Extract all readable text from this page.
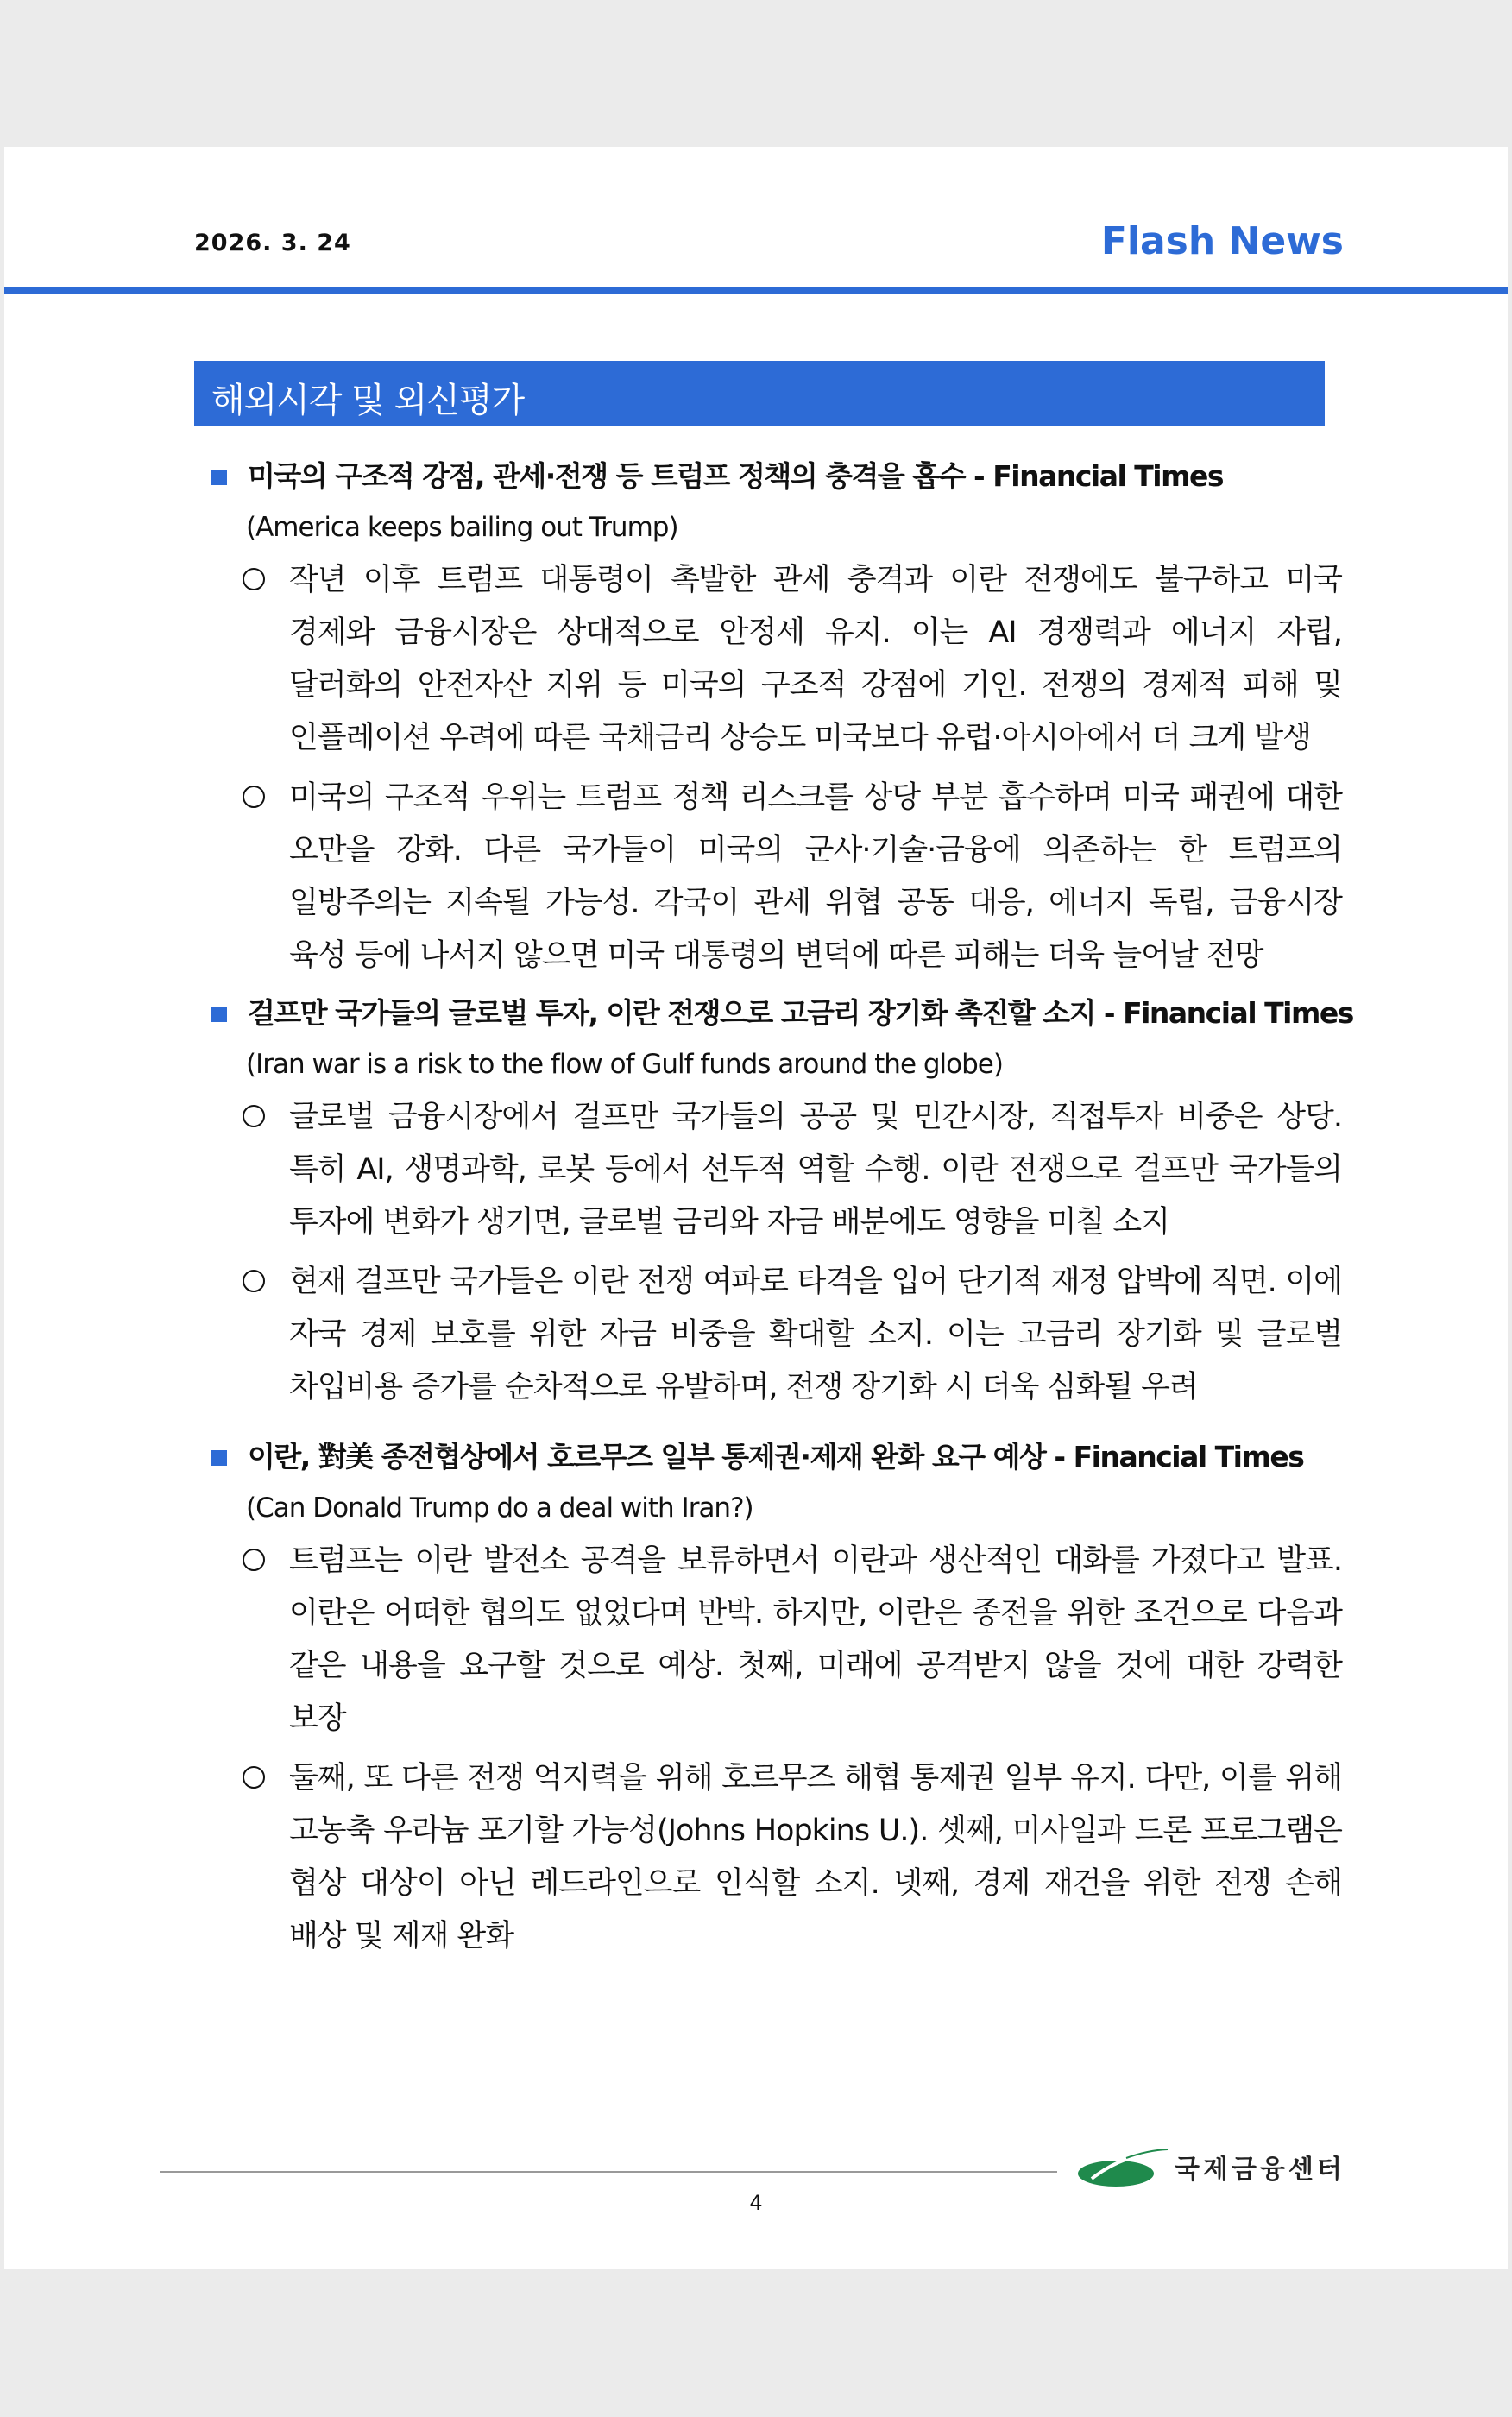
2026. 3. 24	Flash News
해외시각 및 외신평가
미국의 구조적 강점, 관세·전쟁 등 트럼프 정책의 충격을 흡수 - Financial Times
(America keeps bailing out Trump)
작년 이후 트럼프 대통령이 촉발한 관세 충격과 이란 전쟁에도 불구하고 미국 경제와 금융시장은 상대적으로 안정세 유지. 이는 AI 경쟁력과 에너지 자립, 달러화의 안전자산 지위 등 미국의 구조적 강점에 기인. 전쟁의 경제적 피해 및 인플레이션 우려에 따른 국채금리 상승도 미국보다 유럽·아시아에서 더 크게 발생
미국의 구조적 우위는 트럼프 정책 리스크를 상당 부분 흡수하며 미국 패권에 대한 오만을 강화. 다른 국가들이 미국의 군사·기술·금융에 의존하는 한 트럼프의 일방주의는 지속될 가능성. 각국이 관세 위협 공동 대응, 에너지 독립, 금융시장 육성 등에 나서지 않으면 미국 대통령의 변덕에 따른 피해는 더욱 늘어날 전망
걸프만 국가들의 글로벌 투자, 이란 전쟁으로 고금리 장기화 촉진할 소지 - Financial Times
(Iran war is a risk to the flow of Gulf funds around the globe)
글로벌 금융시장에서 걸프만 국가들의 공공 및 민간시장, 직접투자 비중은 상당. 특히 AI, 생명과학, 로봇 등에서 선두적 역할 수행. 이란 전쟁으로 걸프만 국가들의 투자에 변화가 생기면, 글로벌 금리와 자금 배분에도 영향을 미칠 소지
현재 걸프만 국가들은 이란 전쟁 여파로 타격을 입어 단기적 재정 압박에 직면. 이에 자국 경제 보호를 위한 자금 비중을 확대할 소지. 이는 고금리 장기화 및 글로벌 차입비용 증가를 순차적으로 유발하며, 전쟁 장기화 시 더욱 심화될 우려
이란, 對美 종전협상에서 호르무즈 일부 통제권·제재 완화 요구 예상 - Financial Times
(Can Donald Trump do a deal with Iran?)
트럼프는 이란 발전소 공격을 보류하면서 이란과 생산적인 대화를 가졌다고 발표. 이란은 어떠한 협의도 없었다며 반박. 하지만, 이란은 종전을 위한 조건으로 다음과 같은 내용을 요구할 것으로 예상. 첫째, 미래에 공격받지 않을 것에 대한 강력한 보장
둘째, 또 다른 전쟁 억지력을 위해 호르무즈 해협 통제권 일부 유지. 다만, 이를 위해 고농축 우라늄 포기할 가능성(Johns Hopkins U.). 셋째, 미사일과 드론 프로그램은 협상 대상이 아닌 레드라인으로 인식할 소지. 넷째, 경제 재건을 위한 전쟁 손해 배상 및 제재 완화
국제금융센터
4
